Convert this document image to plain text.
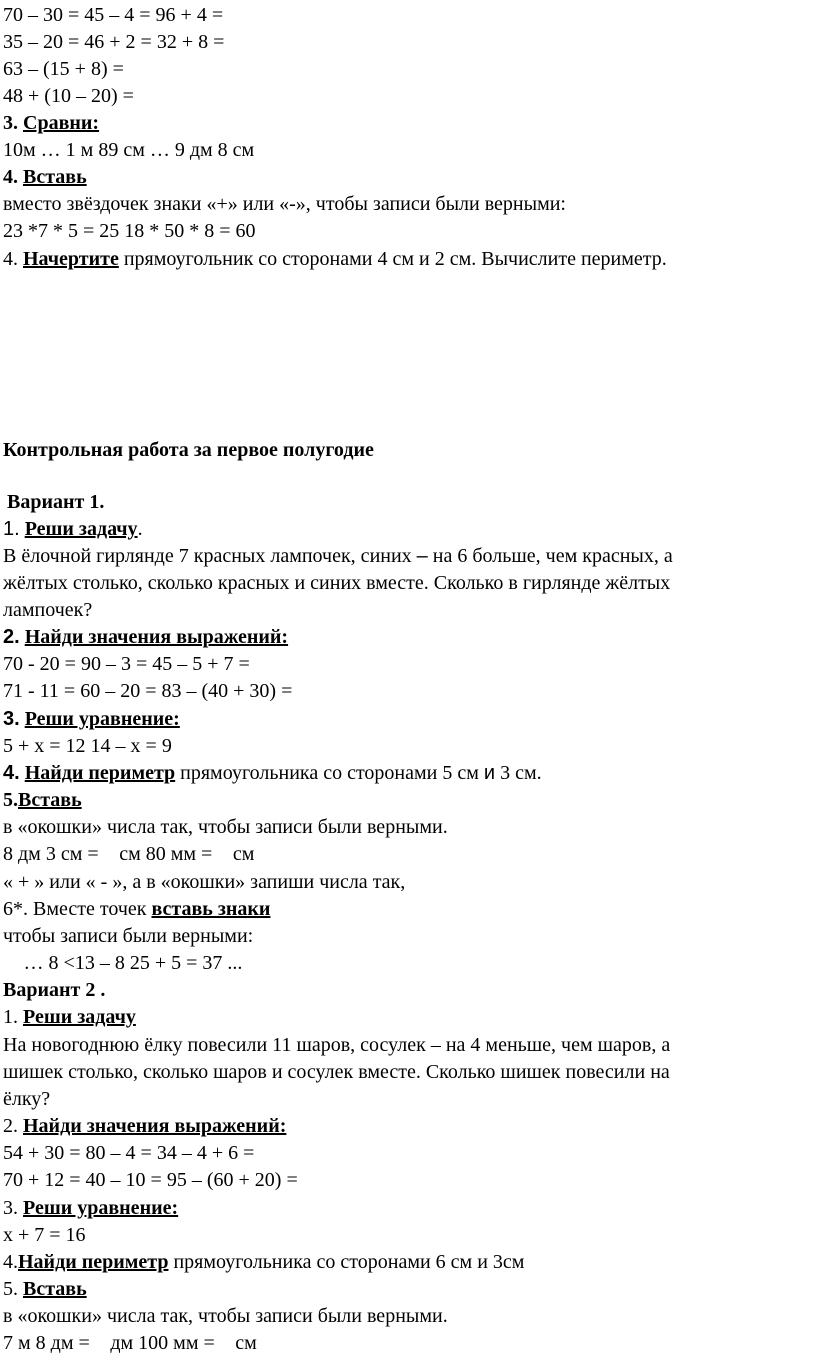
70 – 30 = 45 – 4 = 96 + 4 =
35 – 20 = 46 + 2 = 32 + 8 =
63 – (15 + 8) =
48 + (10 – 20) =
3. Сравни:
10м … 1 м 89 см … 9 дм 8 см
4. Вставь
вместо звёздочек знаки «+» или «-», чтобы записи были верными:
23 *7 * 5 = 25 18 * 50 * 8 = 60
4. Начертите прямоугольник со сторонами 4 см и 2 см. Вычислите периметр.
Контрольная работа за первое полугодие
Вариант 1.
1. Реши задачу.
В ёлочной гирлянде 7 красных лампочек, синих – на 6 больше, чем красных, а
жёлтых столько, сколько красных и синих вместе. Сколько в гирлянде жёлтых
лампочек?
2. Найди значения выражений:
70 - 20 = 90 – 3 = 45 – 5 + 7 =
71 - 11 = 60 – 20 = 83 – (40 + 30) =
3. Реши уравнение:
5 + x = 12 14 – x = 9
4. Найди периметр прямоугольника со сторонами 5 см и 3 см.
5.Вставь
в «окошки» числа так, чтобы записи были верными.
8 дм 3 см = см 80 мм = см
« + » или « - », а в «окошки» запиши числа так,
6*. Вместе точек вставь знаки
чтобы записи были верными:
… 8 <13 – 8 25 + 5 = 37 ...
Вариант 2 .
1. Реши задачу
На новогоднюю ёлку повесили 11 шаров, сосулек – на 4 меньше, чем шаров, а
шишек столько, сколько шаров и сосулек вместе. Сколько шишек повесили на
ёлку?
2. Найди значения выражений:
54 + 30 = 80 – 4 = 34 – 4 + 6 =
70 + 12 = 40 – 10 = 95 – (60 + 20) =
3. Реши уравнение:
x + 7 = 16
4.Найди периметр прямоугольника со сторонами 6 см и 3см
5. Вставь
в «окошки» числа так, чтобы записи были верными.
7 м 8 дм = дм 100 мм = см
